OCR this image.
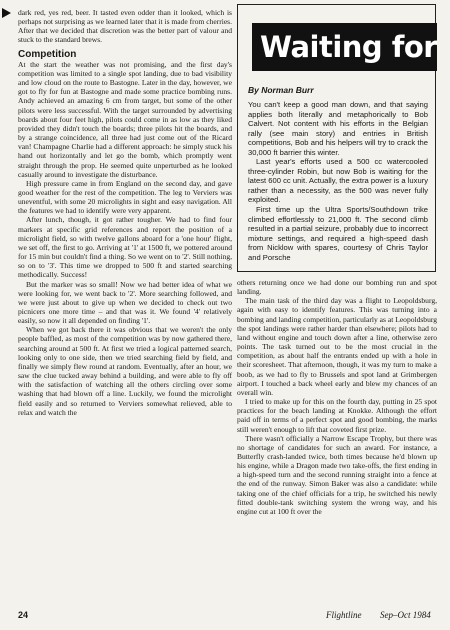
dark red, yes red, beer. It tasted even odder than it looked, which is perhaps not surprising as we learned later that it is made from cherries. After that we decided that discretion was the better part of valour and stuck to the standard brews.

Competition

At the start the weather was not promising, and the first day's competition was limited to a single spot landing, due to bad visibility and low cloud on the route to Bastogne. Later in the day, however, we got to fly for fun at Bastogne and made some practice bombing runs. Andy achieved an amazing 6 cm from target, but some of the other pilots were less successful. With the target surrounded by advertising boards about four feet high, pilots could come in as low as they liked provided they didn't touch the boards; three pilots hit the boards, and by a strange coincidence, all three had just come out of the Ricard van! Champagne Charlie had a different approach: he simply stuck his hand out horizontally and let go the bomb, which promptly went straight through the prop. He seemed quite unperturbed as he looked casually around to investigate the disturbance.

High pressure came in from England on the second day, and gave good weather for the rest of the competition. The leg to Verviers was uneventful, with some 20 microlights in sight and easy navigation. All the features we had to identify were very apparent.

After lunch, though, it got rather tougher. We had to find four markers at specific grid references and report the position of a microlight field, so with twelve gallons aboard for a 'one hour' flight, we set off, the first to go. Arriving at '1' at 1500 ft, we pottered around for 15 min but couldn't find a thing. So we went on to '2'. Still nothing, so on to '3'. This time we dropped to 500 ft and started searching methodically. Success!

But the marker was so small! Now we had better idea of what we were looking for, we went back to '2'. More searching followed, and we were just about to give up when we decided to check out two picnicers one more time – and that was it. We found '4' relatively easily, so now it all depended on finding '1'.

When we got back there it was obvious that we weren't the only people baffled, as most of the competition was by now gathered there, searching around at 500 ft. At first we tried a logical patterned search, looking only to one side, then we tried searching field by field, and finally we simply flew round at random. Eventually, after an hour, we saw the clue tucked away behind a building, and were able to fly off with the satisfaction of watching all the others circling over some washing that had blown off a line. Luckily, we found the microlight field easily and so returned to Verviers somewhat relieved, able to relax and watch the

Waiting for
By Norman Burr

You can't keep a good man down, and that saying applies both literally and metaphorically to Bob Calvert. Not content with his efforts in the Belgian rally (see main story) and entries in British competitions, Bob and his helpers will try to crack the 30,000 ft barrier this winter.

Last year's efforts used a 500 cc watercooled three-cylinder Robin, but now Bob is waiting for the latest 600 cc unit. Actually, the extra power is a luxury rather than a necessity, as the 500 was never fully exploited.

First time up the Ultra Sports/Southdown trike climbed effortlessly to 21,000 ft. The second climb resulted in a partial seizure, probably due to incorrect mixture settings, and required a high-speed dash from Nicklow with spares, courtesy of Chris Taylor and Porsche

others returning once we had done our bombing run and spot landing.

The main task of the third day was a flight to Leopoldsburg, again with easy to identify features. This was turning into a bombing and landing competition, particularly as at Leopoldsburg the spot landings were rather harder than elsewhere; pilots had to land without engine and touch down after a line, otherwise zero points. The task turned out to be the most crucial in the competition, as about half the entrants ended up with a hole in their scoresheet. That afternoon, though, it was my turn to make a boob, as we had to fly to Brussels and spot land at Grimbergen airport. I touched a back wheel early and blew my chances of an overall win.

I tried to make up for this on the fourth day, putting in 25 spot practices for the beach landing at Knokke. Although the effort paid off in terms of a perfect spot and good bombing, the marks still weren't enough to lift that coveted first prize.

There wasn't officially a Narrow Escape Trophy, but there was no shortage of candidates for such an award. For instance, a Butterfly crash-landed twice, both times because he'd blown up his engine, while a Dragon made two take-offs, the first ending in a high-speed turn and the second running straight into a fence at the end of the runway. Simon Baker was also a candidate: while taking one of the chief officials for a trip, he switched his newly fitted double-tank switching system the wrong way, and his engine cut at 100 ft over the

24	Flightline Sep–Oct 1984
